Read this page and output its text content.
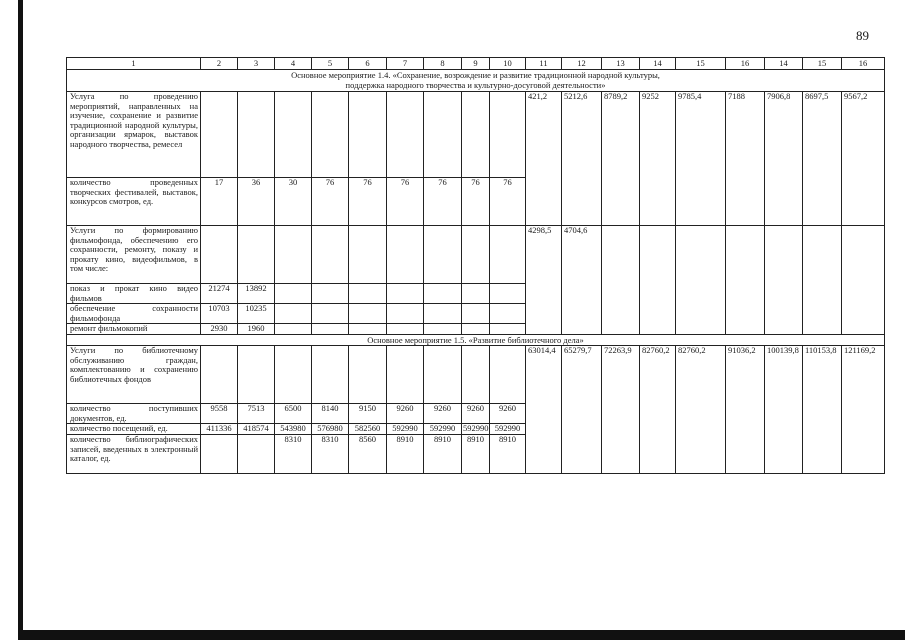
89
1	2	3	4	5	6	7	8	9	10	11	12	13	14	15	16	14	15	16

Основное мероприятие 1.4. «Сохранение, возрождение и развитие традиционной народной культуры,
поддержка народного творчества и культурно-досуговой деятельности»																		

Услуга по проведению мероприятий, направленных на изучение, сохранение и развитие традиционной народной культуры, организации ярмарок, выставок народного творчества, ремесел										421,2	5212,6	8789,2	9252	9785,4	7188	7906,8	8697,5	9567,2
количество проведенных творческих фестивалей, выставок, конкурсов смотров, ед.	17	36	30	76	76	76	76	76	76									
Услуги по формированию фильмофонда, обеспечению его сохранности, ремонту, показу и прокату кино, видеофильмов, в том числе:										4298,5	4704,6							
показ и прокат кино видео фильмов	21274	13892																
обеспечение сохранности фильмофонда	10703	10235																
ремонт фильмокопий	2930	1960																
Основное мероприятие 1.5. «Развитие библиотечного дела»																		
Услуги по библиотечному обслуживанию граждан, комплектованию и сохранению библиотечных фондов										63014,4	65279,7	72263,9	82760,2	82760,2	91036,2	100139,8	110153,8	121169,2
количество поступивших документов, ед.	9558	7513	6500	8140	9150	9260	9260	9260	9260									
количество посещений, ед.	411336	418574	543980	576980	582560	592990	592990	592990	592990									
количество библиографических записей, введенных в электронный каталог, ед.			8310	8310	8560	8910	8910	8910	8910									
